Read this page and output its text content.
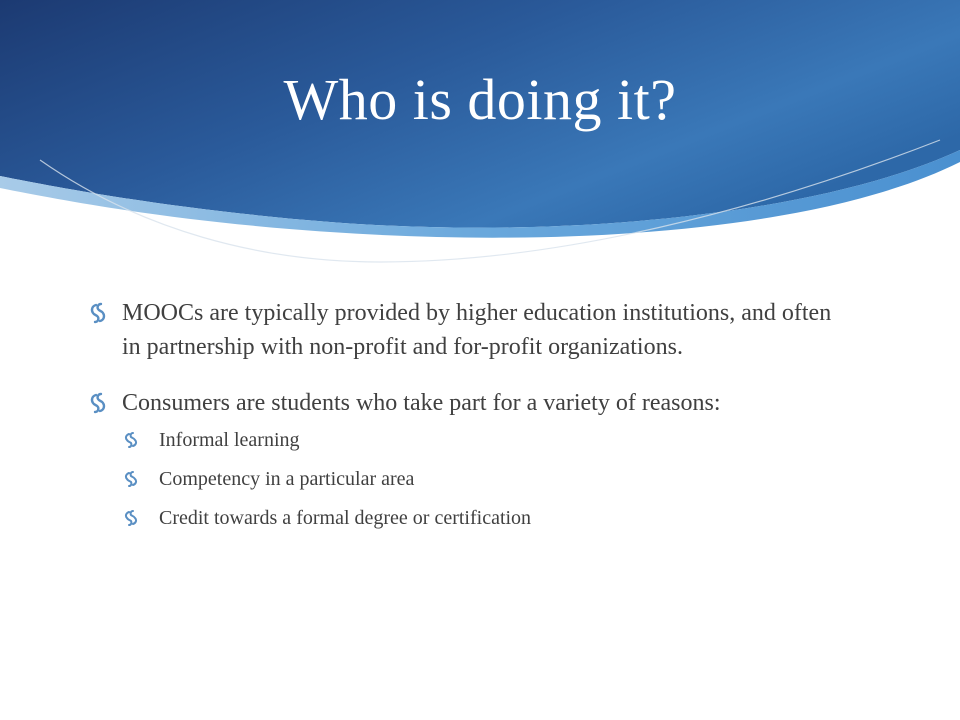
Who is doing it?
MOOCs are typically provided by higher education institutions, and often in partnership with non-profit and for-profit organizations.
Consumers are students who take part for a variety of reasons:
Informal learning
Competency in a particular area
Credit towards a formal degree or certification
